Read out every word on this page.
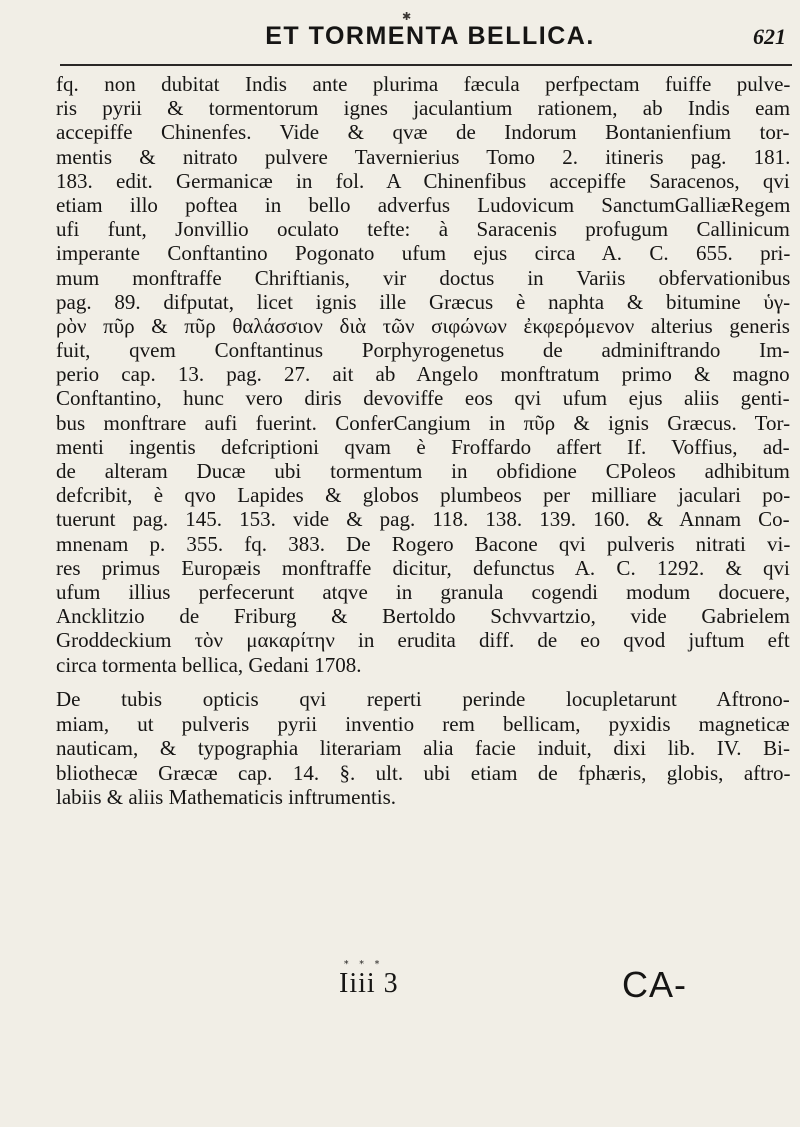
✱
ET TORMENTA BELLICA.	621
fq. non dubitat Indis ante plurima fæcula perfpectam fuiffe pulve-
ris pyrii & tormentorum ignes jaculantium rationem, ab Indis eam
accepiffe Chinenfes. Vide & qvæ de Indorum Bontanienfium tor-
mentis & nitrato pulvere Tavernierius Tomo 2. itineris pag. 181.
183. edit. Germanicæ in fol. A Chinenfibus accepiffe Saracenos, qvi
etiam illo poftea in bello adverfus Ludovicum SanctumGalliæRegem
ufi funt, Jonvillio oculato tefte: à Saracenis profugum Callinicum
imperante Conftantino Pogonato ufum ejus circa A. C. 655. pri-
mum monftraffe Chriftianis, vir doctus in Variis obfervationibus
pag. 89. difputat, licet ignis ille Græcus è naphta & bitumine ὑγ-
ρὸν πῦρ & πῦρ θαλάσσιον διὰ τῶν σιφώνων ἐκφερόμενον alterius generis
fuit, qvem Conftantinus Porphyrogenetus de adminiftrando Im-
perio cap. 13. pag. 27. ait ab Angelo monftratum primo & magno
Conftantino, hunc vero diris devoviffe eos qvi ufum ejus aliis genti-
bus monftrare aufi fuerint. ConferCangium in πῦρ & ignis Græcus. Tor-
menti ingentis defcriptioni qvam è Froffardo affert If. Voffius, ad-
de alteram Ducæ ubi tormentum in obfidione CPoleos adhibitum
defcribit, è qvo Lapides & globos plumbeos per milliare jaculari po-
tuerunt pag. 145. 153. vide & pag. 118. 138. 139. 160. & Annam Co-
mnenam p. 355. fq. 383. De Rogero Bacone qvi pulveris nitrati vi-
res primus Europæis monftraffe dicitur, defunctus A. C. 1292. & qvi
ufum illius perfecerunt atqve in granula cogendi modum docuere,
Ancklitzio de Friburg & Bertoldo Schvvartzio, vide Gabrielem
Groddeckium τὸν μακαρίτην in erudita diff. de eo qvod juftum eft
circa tormenta bellica, Gedani 1708.
De tubis opticis qvi reperti perinde locupletarunt Aftrono-
miam, ut pulveris pyrii inventio rem bellicam, pyxidis magneticæ
nauticam, & typographia literariam alia facie induit, dixi lib. IV. Bi-
bliothecæ Græcæ cap. 14. §. ult. ubi etiam de fphæris, globis, aftro-
labiis & aliis Mathematicis inftrumentis.
* * *
Iiii 3	CA-
